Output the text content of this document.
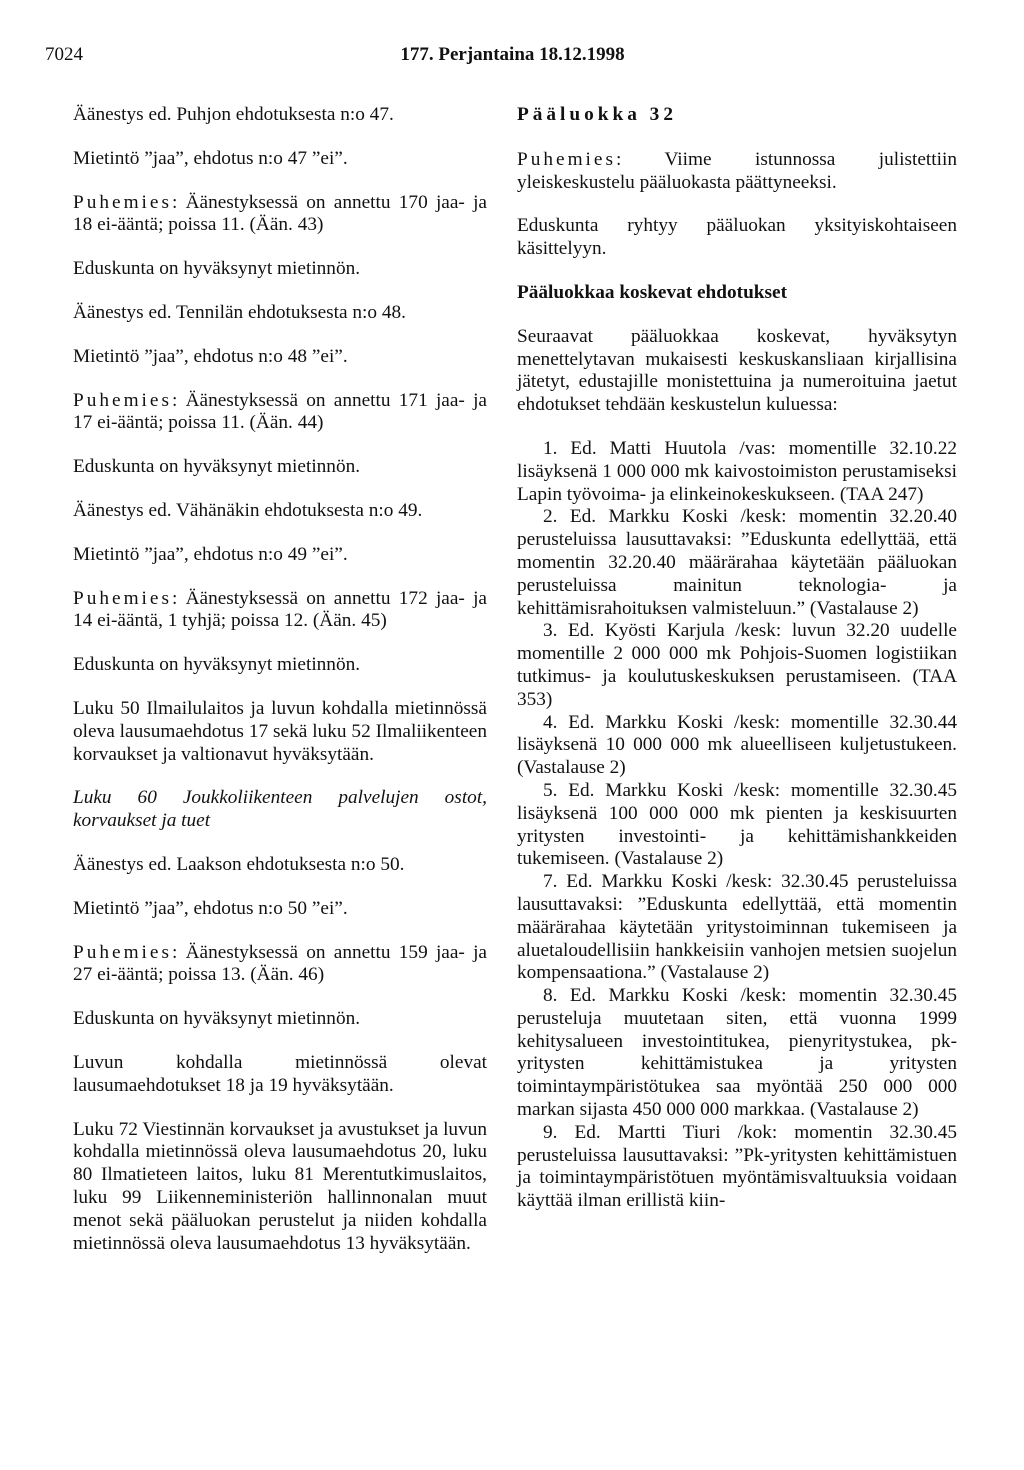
7024	177. Perjantaina 18.12.1998

Äänestys ed. Puhjon ehdotuksesta n:o 47.

Mietintö ”jaa”, ehdotus n:o 47 ”ei”.

Puhemies: Äänestyksessä on annettu 170 jaa- ja 18 ei-ääntä; poissa 11. (Ään. 43)

Eduskunta on hyväksynyt mietinnön.

Äänestys ed. Tennilän ehdotuksesta n:o 48.

Mietintö ”jaa”, ehdotus n:o 48 ”ei”.

Puhemies: Äänestyksessä on annettu 171 jaa- ja 17 ei-ääntä; poissa 11. (Ään. 44)

Eduskunta on hyväksynyt mietinnön.

Äänestys ed. Vähänäkin ehdotuksesta n:o 49.

Mietintö ”jaa”, ehdotus n:o 49 ”ei”.

Puhemies: Äänestyksessä on annettu 172 jaa- ja 14 ei-ääntä, 1 tyhjä; poissa 12. (Ään. 45)

Eduskunta on hyväksynyt mietinnön.

Luku 50 Ilmailulaitos ja luvun kohdalla mietinnössä oleva lausumaehdotus 17 sekä luku 52 Ilmaliikenteen korvaukset ja valtionavut hyväksytään.

Luku 60 Joukkoliikenteen palvelujen ostot, korvaukset ja tuet

Äänestys ed. Laakson ehdotuksesta n:o 50.

Mietintö ”jaa”, ehdotus n:o 50 ”ei”.

Puhemies: Äänestyksessä on annettu 159 jaa- ja 27 ei-ääntä; poissa 13. (Ään. 46)

Eduskunta on hyväksynyt mietinnön.

Luvun kohdalla mietinnössä olevat lausumaehdotukset 18 ja 19 hyväksytään.

Luku 72 Viestinnän korvaukset ja avustukset ja luvun kohdalla mietinnössä oleva lausumaehdotus 20, luku 80 Ilmatieteen laitos, luku 81 Merentutkimuslaitos, luku 99 Liikenneministeriön hallinnonalan muut menot sekä pääluokan perustelut ja niiden kohdalla mietinnössä oleva lausumaehdotus 13 hyväksytään.

Pääluokka 32

Puhemies: Viime istunnossa julistettiin yleiskeskustelu pääluokasta päättyneeksi.

Eduskunta ryhtyy pääluokan yksityiskohtaiseen käsittelyyn.

Pääluokkaa koskevat ehdotukset

Seuraavat pääluokkaa koskevat, hyväksytyn menettelytavan mukaisesti keskuskansliaan kirjallisina jätetyt, edustajille monistettuina ja numeroituina jaetut ehdotukset tehdään keskustelun kuluessa:

1. Ed. Matti Huutola /vas: momentille 32.10.22 lisäyksenä 1 000 000 mk kaivostoimiston perustamiseksi Lapin työvoima- ja elinkeinokeskukseen. (TAA 247)

2. Ed. Markku Koski /kesk: momentin 32.20.40 perusteluissa lausuttavaksi: ”Eduskunta edellyttää, että momentin 32.20.40 määrärahaa käytetään pääluokan perusteluissa mainitun teknologia- ja kehittämisrahoituksen valmisteluun.” (Vastalause 2)

3. Ed. Kyösti Karjula /kesk: luvun 32.20 uudelle momentille 2 000 000 mk Pohjois-Suomen logistiikan tutkimus- ja koulutuskeskuksen perustamiseen. (TAA 353)

4. Ed. Markku Koski /kesk: momentille 32.30.44 lisäyksenä 10 000 000 mk alueelliseen kuljetustukeen. (Vastalause 2)

5. Ed. Markku Koski /kesk: momentille 32.30.45 lisäyksenä 100 000 000 mk pienten ja keskisuurten yritysten investointi- ja kehittämishankkeiden tukemiseen. (Vastalause 2)

7. Ed. Markku Koski /kesk: 32.30.45 perusteluissa lausuttavaksi: ”Eduskunta edellyttää, että momentin määrärahaa käytetään yritystoiminnan tukemiseen ja aluetaloudellisiin hankkeisiin vanhojen metsien suojelun kompensaationa.” (Vastalause 2)

8. Ed. Markku Koski /kesk: momentin 32.30.45 perusteluja muutetaan siten, että vuonna 1999 kehitysalueen investointitukea, pienyritystukea, pk-yritysten kehittämistukea ja yritysten toimintaympäristötukea saa myöntää 250 000 000 markan sijasta 450 000 000 markkaa. (Vastalause 2)

9. Ed. Martti Tiuri /kok: momentin 32.30.45 perusteluissa lausuttavaksi: ”Pk-yritysten kehittämistuen ja toimintaympäristötuen myöntämisvaltuuksia voidaan käyttää ilman erillistä kiin-
